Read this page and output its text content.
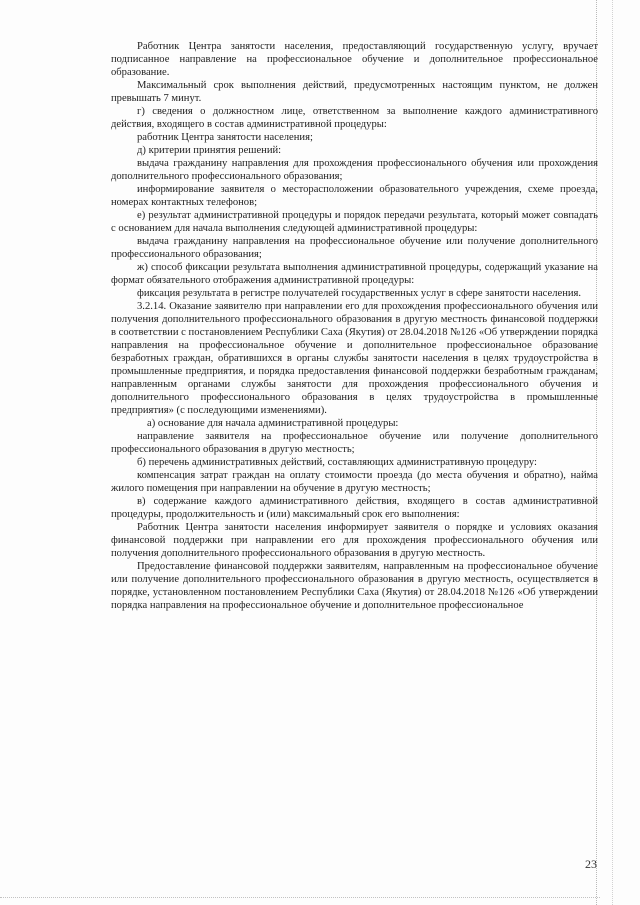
Работник Центра занятости населения, предоставляющий государственную услугу, вручает подписанное направление на профессиональное обучение и дополнительное профессиональное образование.

Максимальный срок выполнения действий, предусмотренных настоящим пунктом, не должен превышать 7 минут.

г) сведения о должностном лице, ответственном за выполнение каждого административного действия, входящего в состав административной процедуры:

работник Центра занятости населения;

д) критерии принятия решений:

выдача гражданину направления для прохождения профессионального обучения или прохождения дополнительного профессионального образования;

информирование заявителя о месторасположении образовательного учреждения, схеме проезда, номерах контактных телефонов;

е) результат административной процедуры и порядок передачи результата, который может совпадать с основанием для начала выполнения следующей административной процедуры:

выдача гражданину направления на профессиональное обучение или получение дополнительного профессионального образования;

ж) способ фиксации результата выполнения административной процедуры, содержащий указание на формат обязательного отображения административной процедуры:

фиксация результата в регистре получателей государственных услуг в сфере занятости населения.

3.2.14. Оказание заявителю при направлении его для прохождения профессионального обучения или получения дополнительного профессионального образования в другую местность финансовой поддержки в соответствии с постановлением Республики Саха (Якутия) от 28.04.2018 №126 «Об утверждении порядка направления на профессиональное обучение и дополнительное профессиональное образование безработных граждан, обратившихся в органы службы занятости населения в целях трудоустройства в промышленные предприятия, и порядка предоставления финансовой поддержки безработным гражданам, направленным органами службы занятости для прохождения профессионального обучения и дополнительного профессионального образования в целях трудоустройства в промышленные предприятия» (с последующими изменениями).

а) основание для начала административной процедуры:

направление заявителя на профессиональное обучение или получение дополнительного профессионального образования в другую местность;

б) перечень административных действий, составляющих административную процедуру:

компенсация затрат граждан на оплату стоимости проезда (до места обучения и обратно), найма жилого помещения при направлении на обучение в другую местность;

в) содержание каждого административного действия, входящего в состав административной процедуры, продолжительность и (или) максимальный срок его выполнения:

Работник Центра занятости населения информирует заявителя о порядке и условиях оказания финансовой поддержки при направлении его для прохождения профессионального обучения или получения дополнительного профессионального образования в другую местность.

Предоставление финансовой поддержки заявителям, направленным на профессиональное обучение или получение дополнительного профессионального образования в другую местность, осуществляется в порядке, установленном постановлением Республики Саха (Якутия) от 28.04.2018 №126 «Об утверждении порядка направления на профессиональное обучение и дополнительное профессиональное

23
